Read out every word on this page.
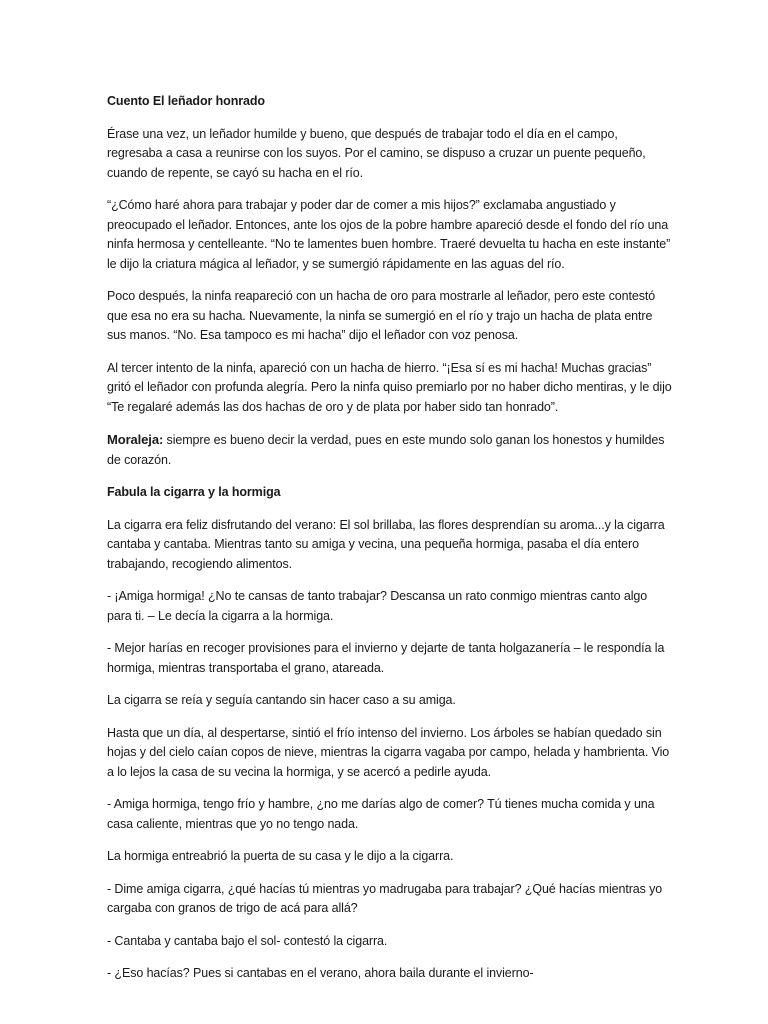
Cuento El leñador honrado

Érase una vez, un leñador humilde y bueno, que después de trabajar todo el día en el campo, regresaba a casa a reunirse con los suyos. Por el camino, se dispuso a cruzar un puente pequeño, cuando de repente, se cayó su hacha en el río.

“¿Cómo haré ahora para trabajar y poder dar de comer a mis hijos?” exclamaba angustiado y preocupado el leñador. Entonces, ante los ojos de la pobre hambre apareció desde el fondo del río una ninfa hermosa y centelleante. “No te lamentes buen hombre. Traeré devuelta tu hacha en este instante” le dijo la criatura mágica al leñador, y se sumergió rápidamente en las aguas del río.

Poco después, la ninfa reapareció con un hacha de oro para mostrarle al leñador, pero este contestó que esa no era su hacha. Nuevamente, la ninfa se sumergió en el río y trajo un hacha de plata entre sus manos. “No. Esa tampoco es mi hacha” dijo el leñador con voz penosa.

Al tercer intento de la ninfa, apareció con un hacha de hierro. “¡Esa sí es mi hacha! Muchas gracias” gritó el leñador con profunda alegría. Pero la ninfa quiso premiarlo por no haber dicho mentiras, y le dijo “Te regalaré además las dos hachas de oro y de plata por haber sido tan honrado”.

Moraleja: siempre es bueno decir la verdad, pues en este mundo solo ganan los honestos y humildes de corazón.

Fabula la cigarra y la hormiga

La cigarra era feliz disfrutando del verano: El sol brillaba, las flores desprendían su aroma...y la cigarra cantaba y cantaba. Mientras tanto su amiga y vecina, una pequeña hormiga, pasaba el día entero trabajando, recogiendo alimentos.

- ¡Amiga hormiga! ¿No te cansas de tanto trabajar? Descansa un rato conmigo mientras canto algo para ti. – Le decía la cigarra a la hormiga.

- Mejor harías en recoger provisiones para el invierno y dejarte de tanta holgazanería – le respondía la hormiga, mientras transportaba el grano, atareada.

La cigarra se reía y seguía cantando sin hacer caso a su amiga.

Hasta que un día, al despertarse, sintió el frío intenso del invierno. Los árboles se habían quedado sin hojas y del cielo caían copos de nieve, mientras la cigarra vagaba por campo, helada y hambrienta. Vio a lo lejos la casa de su vecina la hormiga, y se acercó a pedirle ayuda.

- Amiga hormiga, tengo frío y hambre, ¿no me darías algo de comer? Tú tienes mucha comida y una casa caliente, mientras que yo no tengo nada.

La hormiga entreabrió la puerta de su casa y le dijo a la cigarra.

- Dime amiga cigarra, ¿qué hacías tú mientras yo madrugaba para trabajar? ¿Qué hacías mientras yo cargaba con granos de trigo de acá para allá?

- Cantaba y cantaba bajo el sol- contestó la cigarra.

- ¿Eso hacías? Pues si cantabas en el verano, ahora baila durante el invierno-
